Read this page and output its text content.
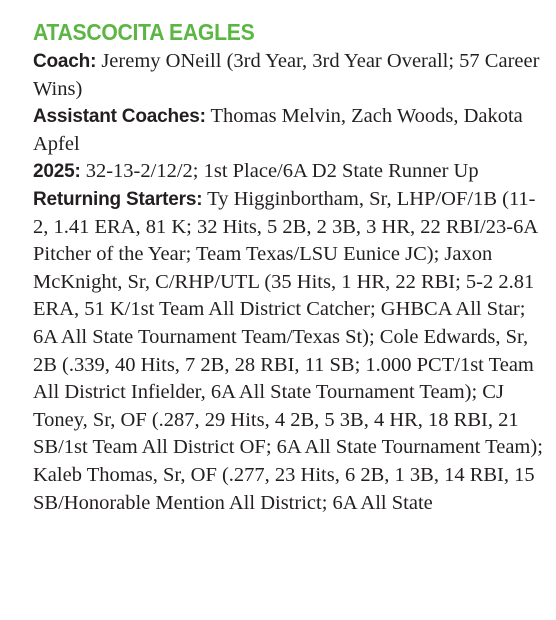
ATASCOCITA EAGLES

Coach: Jeremy ONeill (3rd Year, 3rd Year Overall; 57 Career Wins)

Assistant Coaches: Thomas Melvin, Zach Woods, Dakota Apfel

2025: 32-13-2/12/2; 1st Place/6A D2 State Runner Up

Returning Starters: Ty Higginbortham, Sr, LHP/OF/1B (11-2, 1.41 ERA, 81 K; 32 Hits, 5 2B, 2 3B, 3 HR, 22 RBI/23-6A Pitcher of the Year; Team Texas/LSU Eunice JC); Jaxon McKnight, Sr, C/RHP/UTL (35 Hits, 1 HR, 22 RBI; 5-2 2.81 ERA, 51 K/1st Team All District Catcher; GHBCA All Star; 6A All State Tournament Team/Texas St); Cole Edwards, Sr, 2B (.339, 40 Hits, 7 2B, 28 RBI, 11 SB; 1.000 PCT/1st Team All District Infielder, 6A All State Tournament Team); CJ Toney, Sr, OF (.287, 29 Hits, 4 2B, 5 3B, 4 HR, 18 RBI, 21 SB/1st Team All District OF; 6A All State Tournament Team); Kaleb Thomas, Sr, OF (.277, 23 Hits, 6 2B, 1 3B, 14 RBI, 15 SB/Honorable Mention All District; 6A All State
